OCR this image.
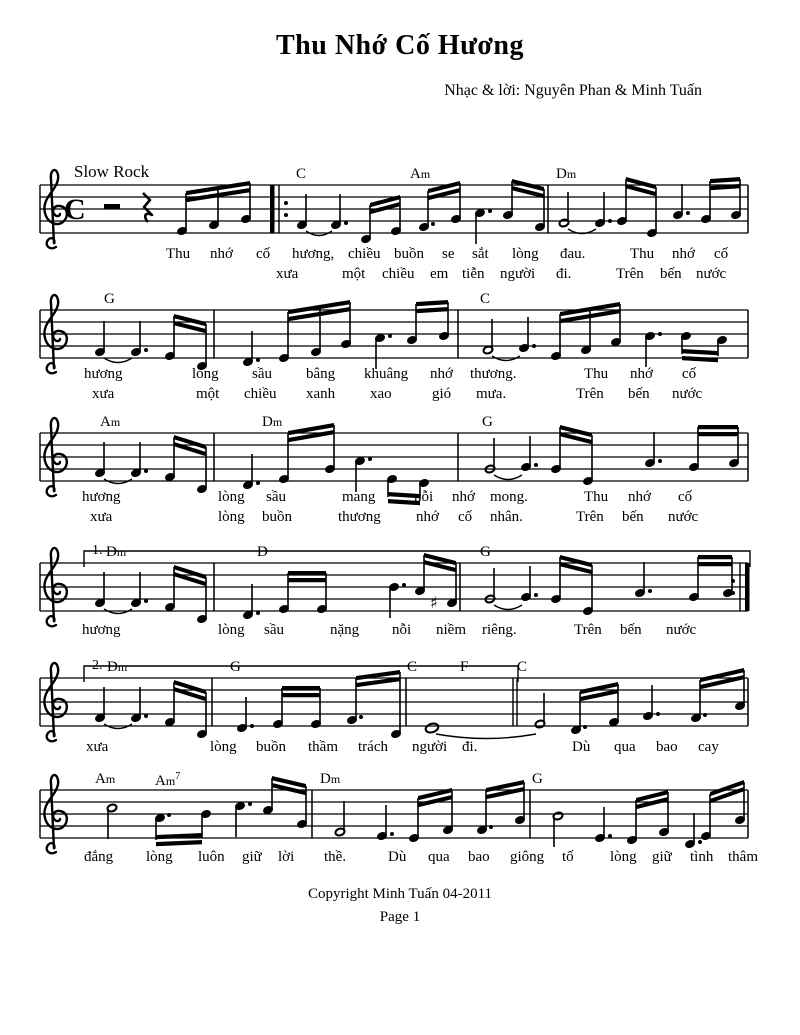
Thu Nhớ Cố Hương
Nhạc & lời: Nguyên Phan & Minh Tuấn
Slow Rock
C
C	Am	Dm
Thu nhớ cố hương, chiều buồn se sắt lòng đau.	Thu nhớ cố
xưa	một chiều em tiễn người đi.	Trên bến nước
G	C
hương	lòng sầu bâng khuâng nhớ thương.	Thu nhớ cố
xưa	một chiều xanh xao	gió mưa.	Trên bến nước
Am	Dm	G
hương	lòng sầu	mang	nỗi nhớ mong.	Thu nhớ cố
xưa	lòng buồn	thương nhớ cố nhân.	Trên bến nước
♯
1. Dm	D	G
hương	lòng sầu	nặng nỗi niềm riêng.	Trên bến nước
2. Dm	G	C	F	C
xưa	lòng buồn thầm trách người đi.	Dù qua bao cay
Am	Am$^7$	Dm	G
đắng lòng luôn giữ lời thề.	Dù qua bao giông tố lòng giữ tình thâm
Copyright Minh Tuấn 04-2011
Page 1
